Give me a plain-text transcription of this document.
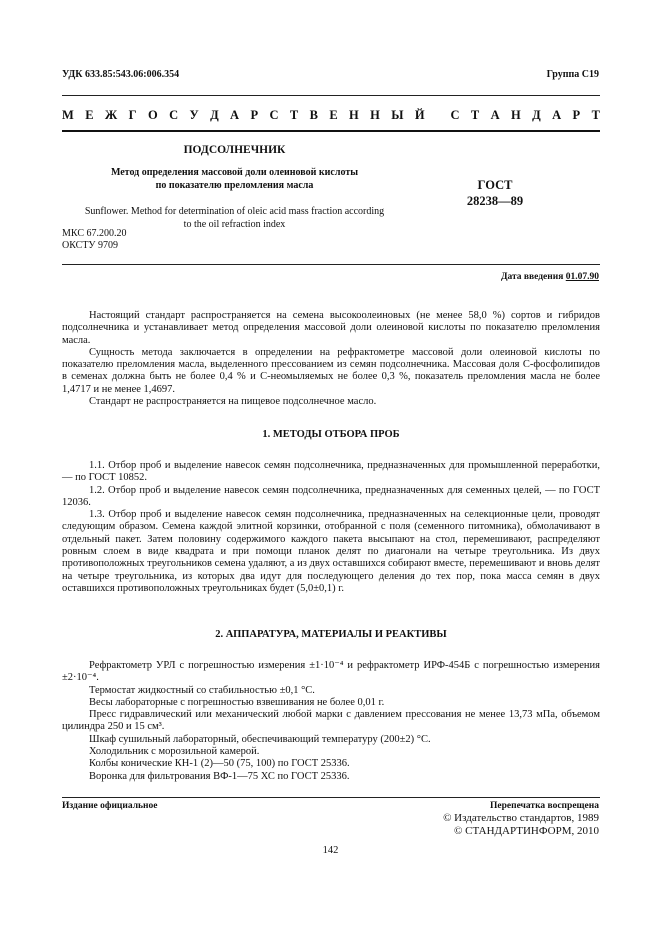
УДК 633.85:543.06:006.354	Группа С19
М Е Ж Г О С У Д А Р С Т В Е Н Н Ы Й
С Т А Н Д А Р Т
ПОДСОЛНЕЧНИК
Метод определения массовой доли олеиновой кислоты
по показателю преломления масла	ГОСТ
28238—89
Sunflower. Method for determination of oleic acid mass fraction according
to the oil refraction index
МКС 67.200.20
ОКСТУ 9709
Дата введения 01.07.90

Настоящий стандарт распространяется на семена высокоолеиновых (не менее 58,0 %) сортов и гибридов подсолнечника и устанавливает метод определения массовой доли олеиновой кислоты по показателю преломления масла.

Сущность метода заключается в определении на рефрактометре массовой доли олеиновой кислоты по показателю преломления масла, выделенного прессованием из семян подсолнечника. Массовая доля С-фосфолипидов в семенах должна быть не более 0,4 % и С-неомыляемых не более 0,3 %, показатель преломления масла не более 1,4717 и не менее 1,4697.

Стандарт не распространяется на пищевое подсолнечное масло.

1. МЕТОДЫ ОТБОРА ПРОБ

1.1. Отбор проб и выделение навесок семян подсолнечника, предназначенных для промышленной переработки, — по ГОСТ 10852.

1.2. Отбор проб и выделение навесок семян подсолнечника, предназначенных для семенных целей, — по ГОСТ 12036.

1.3. Отбор проб и выделение навесок семян подсолнечника, предназначенных на селекционные цели, проводят следующим образом. Семена каждой элитной корзинки, отобранной с поля (семенного питомника), обмолачивают в отдельный пакет. Затем половину содержимого каждого пакета высыпают на стол, перемешивают, распределяют ровным слоем в виде квадрата и при помощи планок делят по диагонали на четыре треугольника. Из двух противоположных треугольников семена удаляют, а из двух оставшихся собирают вместе, перемешивают и вновь делят на четыре треугольника, из которых два идут для последующего деления до тех пор, пока масса семян в двух оставшихся противоположных треугольниках будет (5,0±0,1) г.

2. АППАРАТУРА, МАТЕРИАЛЫ И РЕАКТИВЫ

Рефрактометр УРЛ с погрешностью измерения ±1·10⁻⁴ и рефрактометр ИРФ-454Б с погрешностью измерения ±2·10⁻⁴.

Термостат жидкостный со стабильностью ±0,1 °С.

Весы лабораторные с погрешностью взвешивания не более 0,01 г.

Пресс гидравлический или механический любой марки с давлением прессования не менее 13,73 мПа, объемом цилиндра 250 и 15 см³.

Шкаф сушильный лабораторный, обеспечивающий температуру (200±2) °С.

Холодильник с морозильной камерой.

Колбы конические КН-1 (2)—50 (75, 100) по ГОСТ 25336.

Воронка для фильтрования ВФ-1—75 ХС по ГОСТ 25336.

Издание официальное	Перепечатка воспрещена
© Издательство стандартов, 1989
© СТАНДАРТИНФОРМ, 2010
142
